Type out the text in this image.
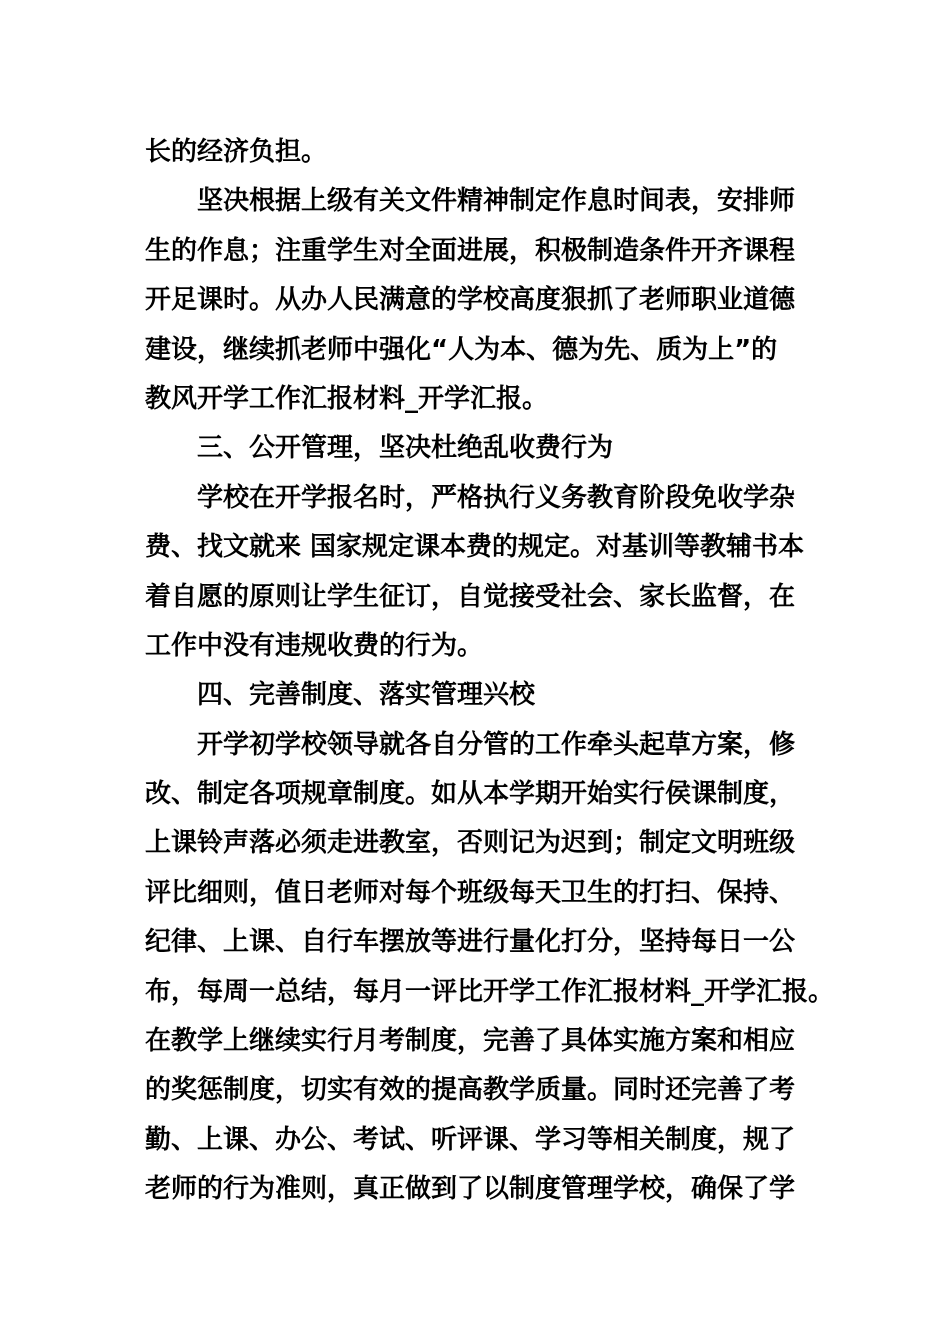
长的经济负担。
坚决根据上级有关文件精神制定作息时间表，安排师
生的作息；注重学生对全面进展，积极制造条件开齐课程
开足课时。从办人民满意的学校高度狠抓了老师职业道德
建设，继续抓老师中强化“人为本、德为先、质为上”的
教风开学工作汇报材料_开学汇报。
三、公开管理，坚决杜绝乱收费行为
学校在开学报名时，严格执行义务教育阶段免收学杂
费、找文就来 国家规定课本费的规定。对基训等教辅书本
着自愿的原则让学生征订，自觉接受社会、家长监督，在
工作中没有违规收费的行为。
四、完善制度、落实管理兴校
开学初学校领导就各自分管的工作牵头起草方案，修
改、制定各项规章制度。如从本学期开始实行侯课制度，
上课铃声落必须走进教室，否则记为迟到；制定文明班级
评比细则，值日老师对每个班级每天卫生的打扫、保持、
纪律、上课、自行车摆放等进行量化打分，坚持每日一公
布，每周一总结，每月一评比开学工作汇报材料_开学汇报。
在教学上继续实行月考制度，完善了具体实施方案和相应
的奖惩制度，切实有效的提高教学质量。同时还完善了考
勤、上课、办公、考试、听评课、学习等相关制度，规了
老师的行为准则，真正做到了以制度管理学校，确保了学
